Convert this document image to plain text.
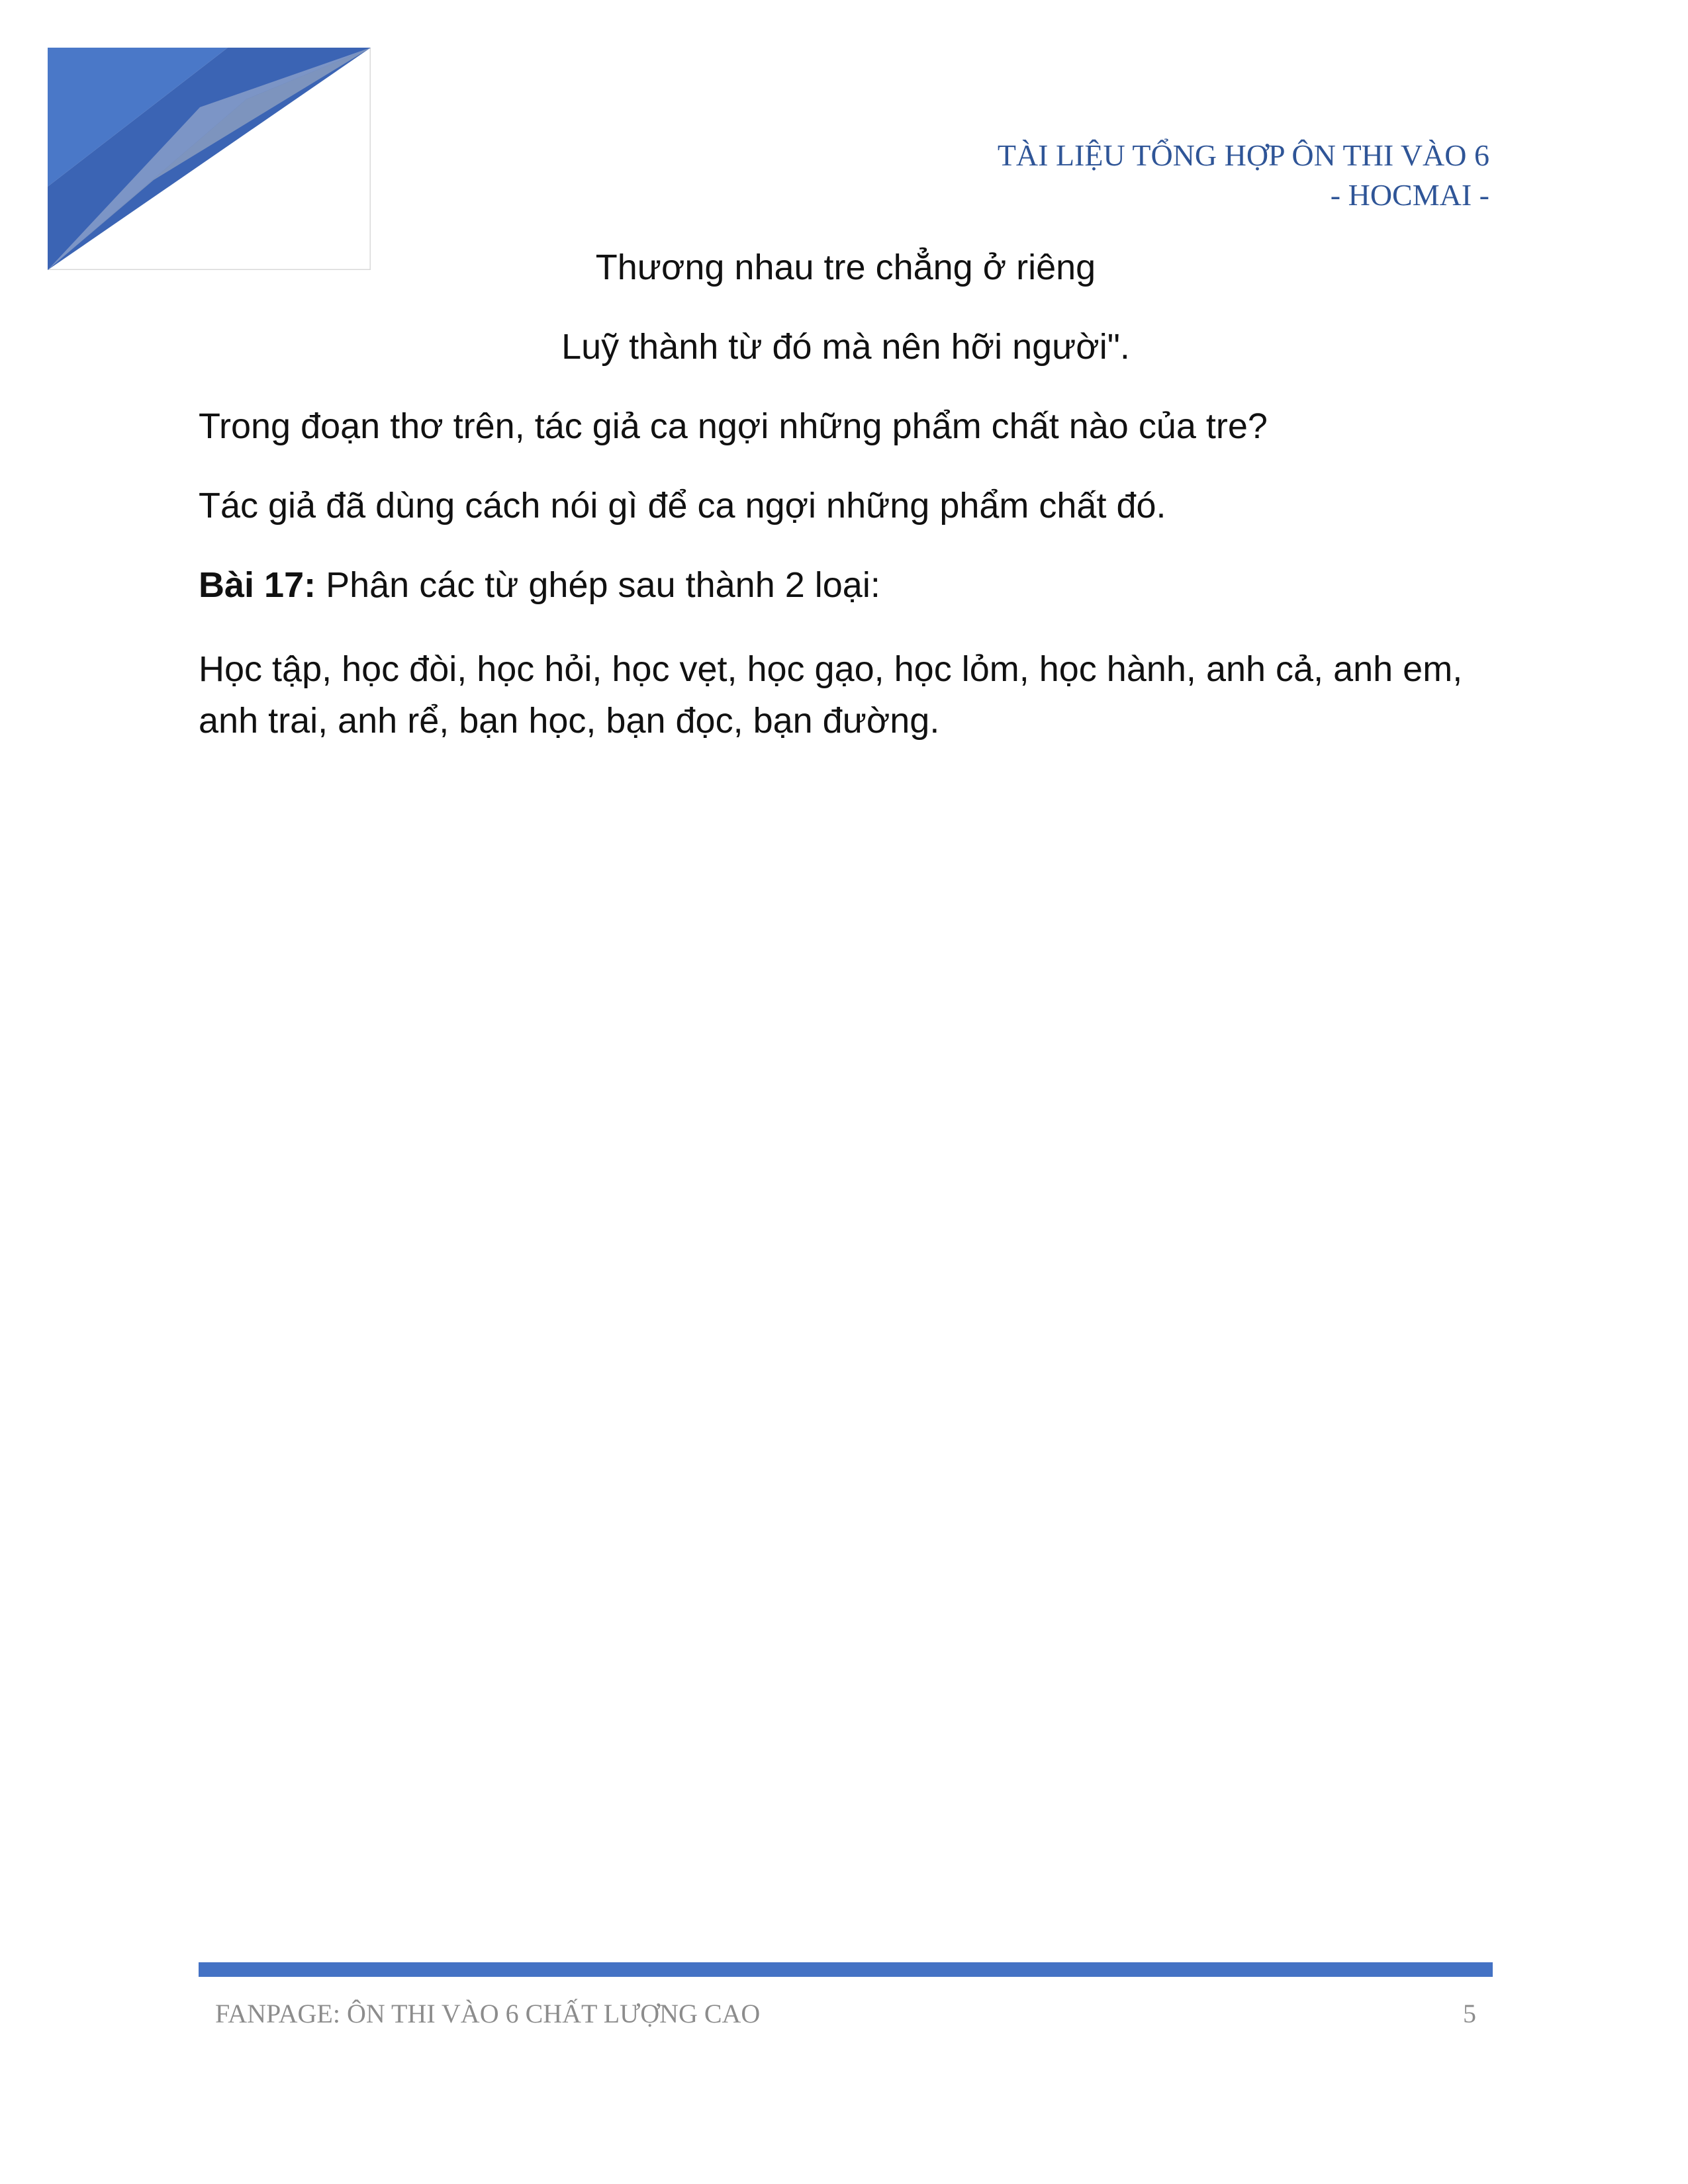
TÀI LIỆU TỔNG HỢP ÔN THI VÀO 6
- HOCMAI -

Thương nhau tre chẳng ở riêng

Luỹ thành từ đó mà nên hỡi người".

Trong đoạn thơ trên, tác giả ca ngợi những phẩm chất nào của tre?

Tác giả đã dùng cách nói gì để ca ngợi những phẩm chất đó.

Bài 17: Phân các từ ghép sau thành 2 loại:

Học tập, học đòi, học hỏi, học vẹt, học gạo, học lỏm, học hành, anh cả, anh em, anh trai, anh rể, bạn học, bạn đọc, bạn đường.

FANPAGE: ÔN THI VÀO 6 CHẤT LƯỢNG CAO	5
